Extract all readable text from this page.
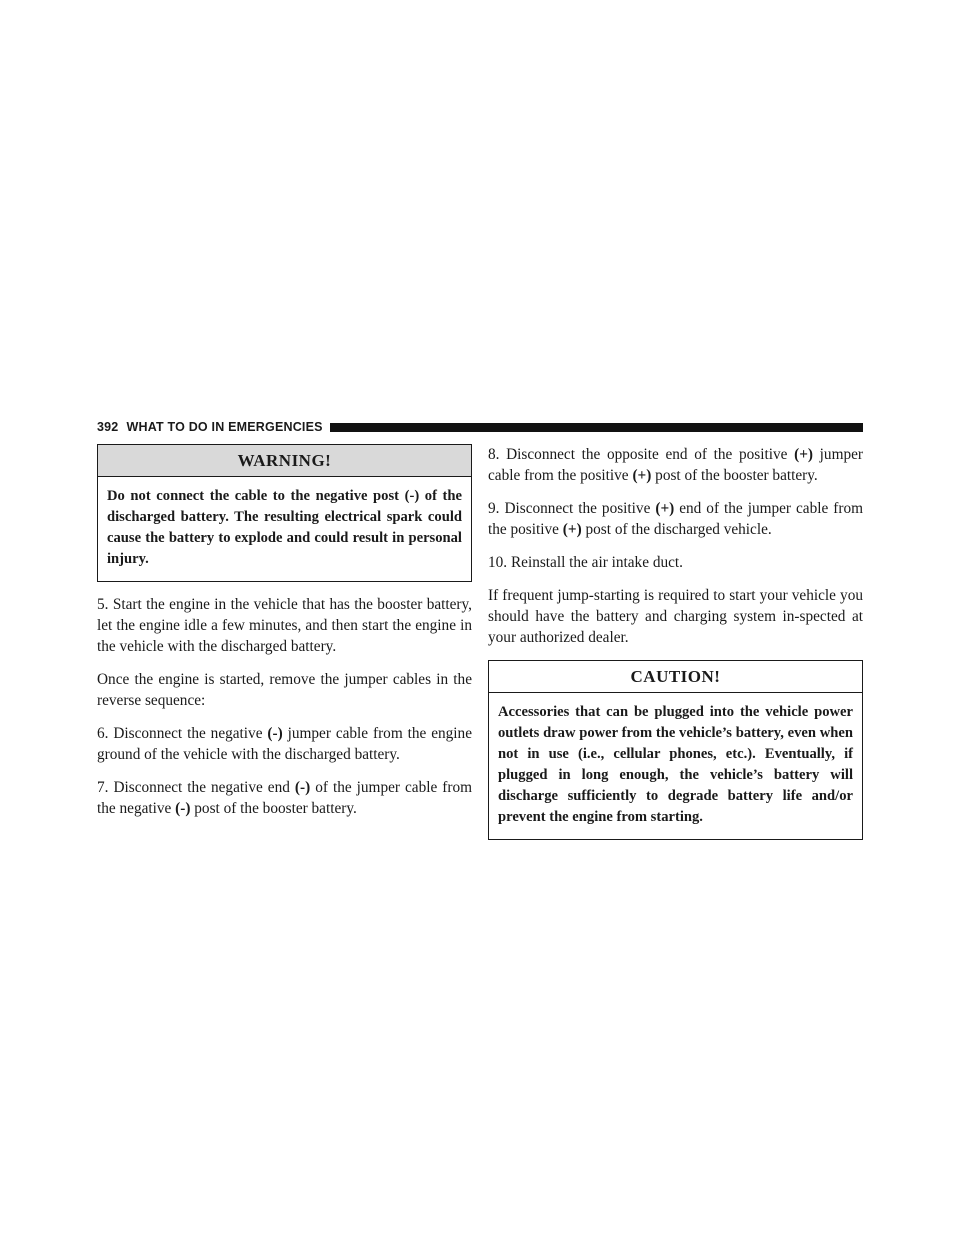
392 WHAT TO DO IN EMERGENCIES
WARNING!
Do not connect the cable to the negative post (-) of the discharged battery. The resulting electrical spark could cause the battery to explode and could result in personal injury.

5. Start the engine in the vehicle that has the booster battery, let the engine idle a few minutes, and then start the engine in the vehicle with the discharged battery.

Once the engine is started, remove the jumper cables in the reverse sequence:

6. Disconnect the negative (-) jumper cable from the engine ground of the vehicle with the discharged battery.

7. Disconnect the negative end (-) of the jumper cable from the negative (-) post of the booster battery.

8. Disconnect the opposite end of the positive (+) jumper cable from the positive (+) post of the booster battery.

9. Disconnect the positive (+) end of the jumper cable from the positive (+) post of the discharged vehicle.

10. Reinstall the air intake duct.

If frequent jump-starting is required to start your vehicle you should have the battery and charging system in-spected at your authorized dealer.

CAUTION!
Accessories that can be plugged into the vehicle power outlets draw power from the vehicle’s battery, even when not in use (i.e., cellular phones, etc.). Eventually, if plugged in long enough, the vehicle’s battery will discharge sufficiently to degrade battery life and/or prevent the engine from starting.
